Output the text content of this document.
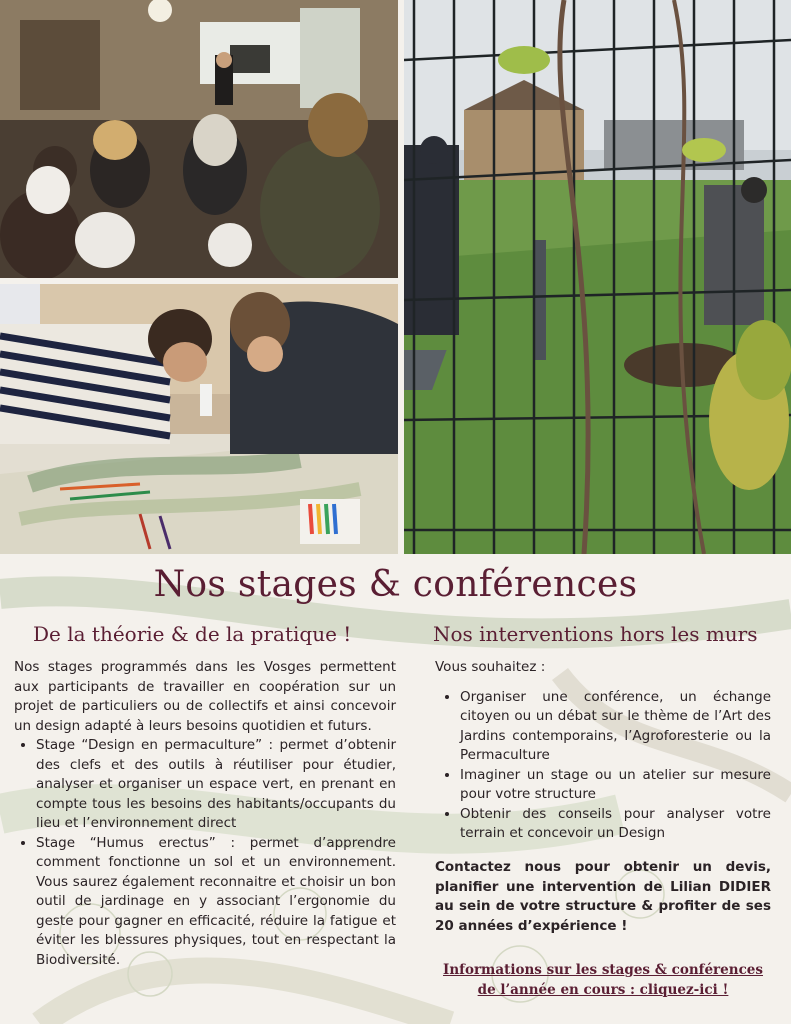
Nos stages & conférences
De la théorie & de la pratique !	Nos interventions hors les murs

Nos stages programmés dans les Vosges permettent aux participants de travailler en coopération sur un projet de particuliers ou de collectifs et ainsi concevoir un design adapté à leurs besoins quotidien et futurs.

• Stage “Design en permaculture” : permet d’obtenir des clefs et des outils à réutiliser pour étudier, analyser et organiser un espace vert, en prenant en compte tous les besoins des habitants/occupants du lieu et l’environnement direct
• Stage “Humus erectus” : permet d’apprendre comment fonctionne un sol et un environnement. Vous saurez également reconnaitre et choisir un bon outil de jardinage en y associant l’ergonomie du geste pour gagner en efficacité, réduire la fatigue et éviter les blessures physiques, tout en respectant la Biodiversité.

Vous souhaitez :

• Organiser une conférence, un échange citoyen ou un débat sur le thème de l’Art des Jardins contemporains, l’Agroforesterie ou la Permaculture
• Imaginer un stage ou un atelier sur mesure pour votre structure
• Obtenir des conseils pour analyser votre terrain et concevoir un Design
Contactez nous pour obtenir un devis, planifier une intervention de Lilian DIDIER au sein de votre structure & profiter de ses 20 années d’expérience !
Informations sur les stages & conférences
de l’année en cours : cliquez-ici !
